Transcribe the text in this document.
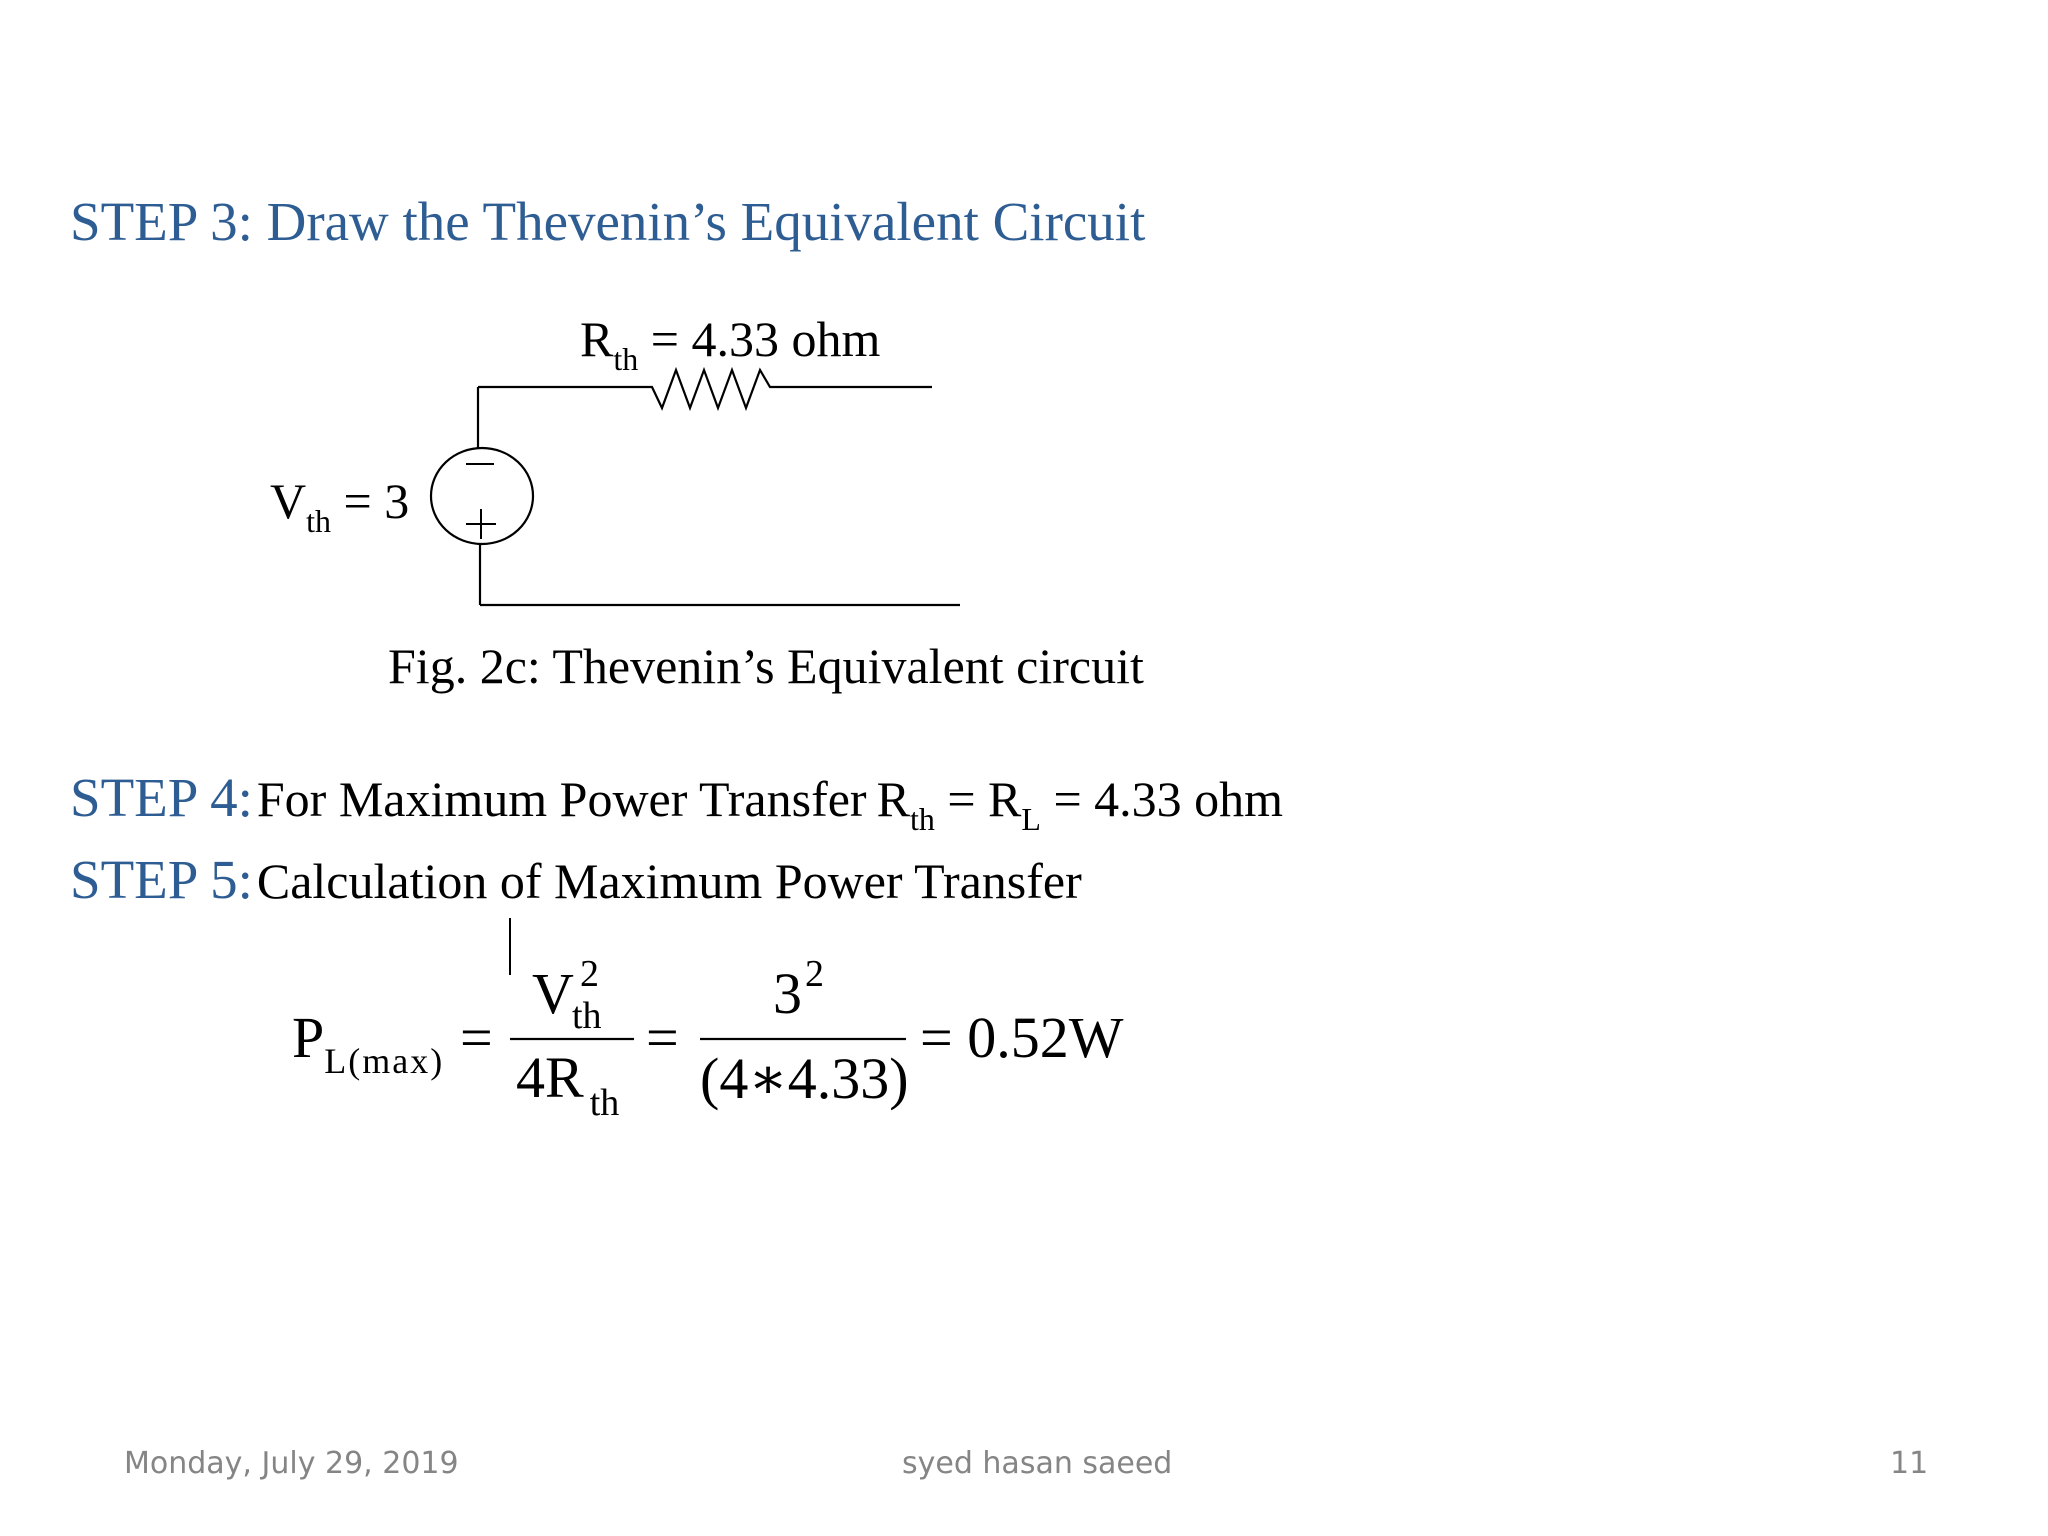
STEP 3: Draw the Thevenin’s Equivalent Circuit
$R_{th} = 4.33$ ohm
$V_{th} = 3$
Fig. 2c: Thevenin’s Equivalent circuit
STEP 4: For Maximum Power Transfer $R_{th} = R_L = 4.33$ ohm
STEP 5: Calculation of Maximum Power Transfer
$P_{L(max)}$ =
V 2
th
4R $_{th}$
=
3 2
(4∗4.33)
= 0.52W
Monday, July 29, 2019	syed hasan saeed	11
